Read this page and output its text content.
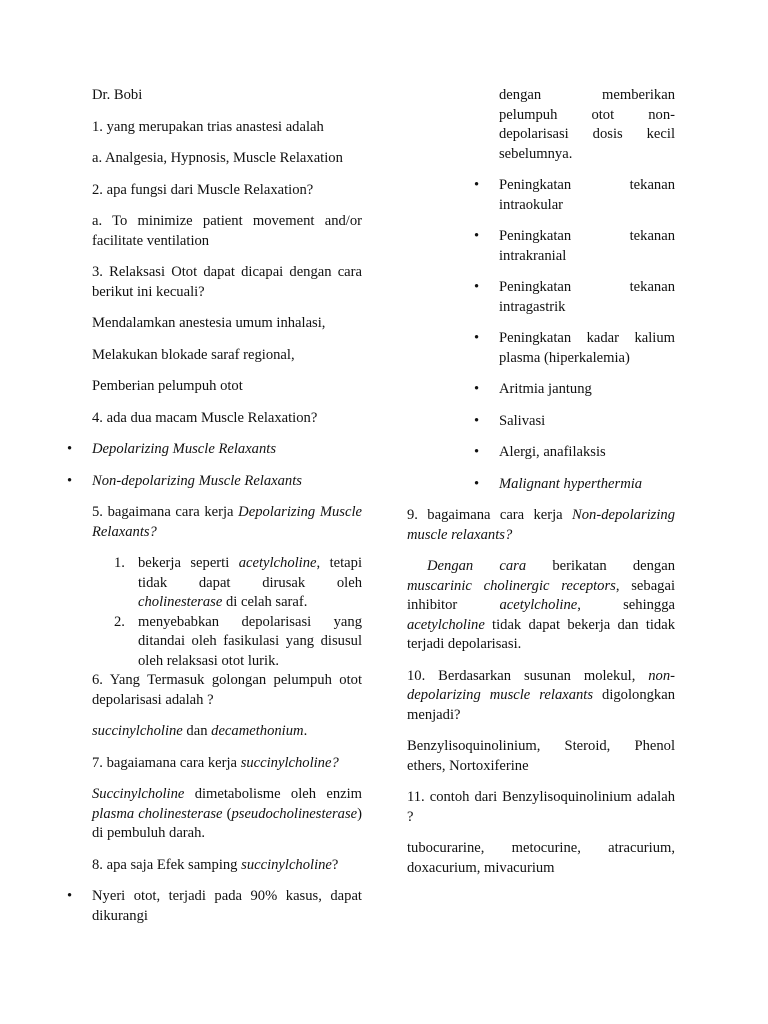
Dr. Bobi

1. yang merupakan trias anastesi adalah

a. Analgesia, Hypnosis, Muscle Relaxation

2. apa fungsi dari Muscle Relaxation?

a. To minimize patient movement and/or facilitate ventilation

3. Relaksasi Otot dapat dicapai dengan cara berikut ini kecuali?

Mendalamkan anestesia umum inhalasi,

Melakukan blokade saraf regional,

Pemberian pelumpuh otot

4. ada dua macam Muscle Relaxation?

• Depolarizing Muscle Relaxants
• Non-depolarizing Muscle Relaxants

5. bagaimana cara kerja Depolarizing Muscle Relaxants?

1. bekerja seperti acetylcholine, tetapi tidak dapat dirusak oleh cholinesterase di celah saraf.
2. menyebabkan depolarisasi yang ditandai oleh fasikulasi yang disusul oleh relaksasi otot lurik.

6. Yang Termasuk golongan pelumpuh otot depolarisasi adalah ?

succinylcholine dan decamethonium.

7. bagaiamana cara kerja succinylcholine?

Succinylcholine dimetabolisme oleh enzim plasma cholinesterase (pseudocholinesterase) di pembuluh darah.

8. apa saja Efek samping succinylcholine?

• Nyeri otot, terjadi pada 90% kasus, dapat dikurangi
dengan memberikan pelumpuh otot non-depolarisasi dosis kecil sebelumnya.
• Peningkatan tekanan intraokular
• Peningkatan tekanan intrakranial
• Peningkatan tekanan intragastrik
• Peningkatan kadar kalium plasma (hiperkalemia)
• Aritmia jantung
• Salivasi
• Alergi, anafilaksis
• Malignant hyperthermia

9. bagaimana cara kerja Non-depolarizing muscle relaxants?

Dengan cara berikatan dengan muscarinic cholinergic receptors, sebagai inhibitor acetylcholine, sehingga acetylcholine tidak dapat bekerja dan tidak terjadi depolarisasi.

10. Berdasarkan susunan molekul, non-depolarizing muscle relaxants digolongkan menjadi?

Benzylisoquinolinium, Steroid, Phenol ethers, Nortoxiferine

11. contoh dari Benzylisoquinolinium adalah ?

tubocurarine, metocurine, atracurium, doxacurium, mivacurium
